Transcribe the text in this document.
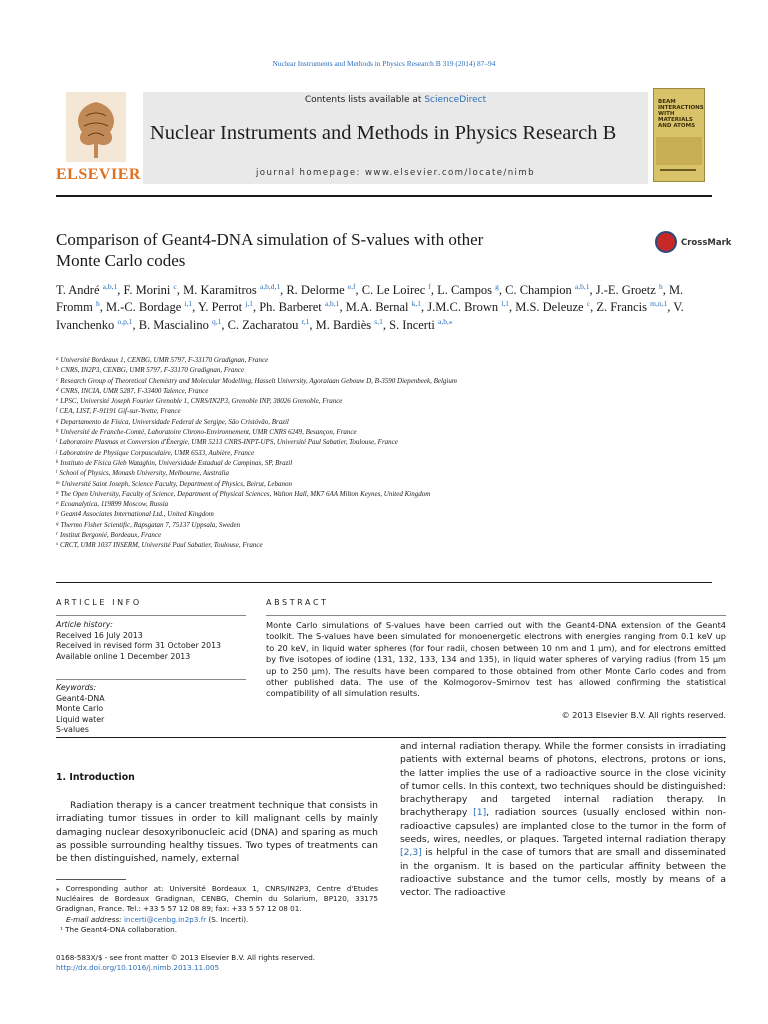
Nuclear Instruments and Methods in Physics Research B 319 (2014) 87–94
ELSEVIER
Contents lists available at ScienceDirect
Nuclear Instruments and Methods in Physics Research B
journal homepage: www.elsevier.com/locate/nimb
BEAM
INTERACTIONS
WITH
MATERIALS
AND ATOMS
Comparison of Geant4-DNA simulation of S-values with other
Monte Carlo codes
CrossMark
T. André $^{a,b,1}$, F. Morini $^c$, M. Karamitros $^{a,b,d,1}$, R. Delorme $^{e,f}$, C. Le Loirec $^f$, L. Campos $^g$, C. Champion $^{a,b,1}$, J.-E. Groetz $^h$, M. Fromm $^h$, M.-C. Bordage $^{i,1}$, Y. Perrot $^{j,1}$, Ph. Barberet $^{a,b,1}$, M.A. Bernal $^{k,1}$, J.M.C. Brown $^{l,1}$, M.S. Deleuze $^c$, Z. Francis $^{m,n,1}$, V. Ivanchenko $^{o,p,1}$, B. Mascialino $^{q,1}$, C. Zacharatou $^{r,1}$, M. Bardiès $^{s,1}$, S. Incerti $^{a,b,⁎}$
$^a$ Université Bordeaux 1, CENBG, UMR 5797, F-33170 Gradignan, France
$^b$ CNRS, IN2P3, CENBG, UMR 5797, F-33170 Gradignan, France
$^c$ Research Group of Theoretical Chemistry and Molecular Modelling, Hasselt University, Agoralaan Gebouw D, B-3590 Diepenbeek, Belgium
$^d$ CNRS, INCIA, UMR 5287, F-33400 Talence, France
$^e$ LPSC, Université Joseph Fourier Grenoble 1, CNRS/IN2P3, Grenoble INP, 38026 Grenoble, France
$^f$ CEA, LIST, F-91191 Gif-sur-Yvette, France
$^g$ Departamento de Física, Universidade Federal de Sergipe, São Cristóvão, Brazil
$^h$ Université de Franche-Comté, Laboratoire Chrono-Environnement, UMR CNRS 6249, Besançon, France
$^i$ Laboratoire Plasmas et Conversion d'Énergie, UMR 5213 CNRS-INPT-UPS, Université Paul Sabatier, Toulouse, France
$^j$ Laboratoire de Physique Corpusculaire, UMR 6533, Aubière, France
$^k$ Instituto de Física Gleb Wataghin, Universidade Estadual de Campinas, SP, Brazil
$^l$ School of Physics, Monash University, Melbourne, Australia
$^m$ Université Saint Joseph, Science Faculty, Department of Physics, Beirut, Lebanon
$^n$ The Open University, Faculty of Science, Department of Physical Sciences, Walton Hall, MK7 6AA Milton Keynes, United Kingdom
$^o$ Ecoanalytica, 119899 Moscow, Russia
$^p$ Geant4 Associates International Ltd., United Kingdom
$^q$ Thermo Fisher Scientific, Rapsgatan 7, 75137 Uppsala, Sweden
$^r$ Institut Bergonié, Bordeaux, France
$^s$ CRCT, UMR 1037 INSERM, Université Paul Sabatier, Toulouse, France
ARTICLE INFO	ABSTRACT
Article history:
Received 16 July 2013
Received in revised form 31 October 2013
Available online 1 December 2013
Keywords:
Geant4-DNA
Monte Carlo
Liquid water
S-values
Monte Carlo simulations of S-values have been carried out with the Geant4-DNA extension of the Geant4 toolkit. The S-values have been simulated for monoenergetic electrons with energies ranging from 0.1 keV up to 20 keV, in liquid water spheres (for four radii, chosen between 10 nm and 1 μm), and for electrons emitted by five isotopes of iodine (131, 132, 133, 134 and 135), in liquid water spheres of varying radius (from 15 μm up to 250 μm). The results have been compared to those obtained from other Monte Carlo codes and from other published data. The use of the Kolmogorov–Smirnov test has allowed confirming the statistical compatibility of all simulation results.
© 2013 Elsevier B.V. All rights reserved.
1. Introduction
Radiation therapy is a cancer treatment technique that consists in irradiating tumor tissues in order to kill malignant cells by mainly damaging nuclear desoxyribonucleic acid (DNA) and sparing as much as possible surrounding healthy tissues. Two types of treatments can be then distinguished, namely, external
and internal radiation therapy. While the former consists in irradiating patients with external beams of photons, electrons, protons or ions, the latter implies the use of a radioactive source in the close vicinity of tumor cells. In this context, two techniques should be distinguished: brachytherapy and targeted internal radiation therapy. In brachytherapy [1], radiation sources (usually enclosed within non-radioactive capsules) are implanted close to the tumor in the form of seeds, wires, needles, or plaques. Targeted internal radiation therapy [2,3] is helpful in the case of tumors that are small and disseminated in the organism. It is based on the particular affinity between the radioactive substance and the tumor cells, mostly by means of a vector. The radioactive
⁎ Corresponding author at: Université Bordeaux 1, CNRS/IN2P3, Centre d'Etudes Nucléaires de Bordeaux Gradignan, CENBG, Chemin du Solarium, BP120, 33175 Gradignan, France. Tel.: +33 5 57 12 08 89; fax: +33 5 57 12 08 01.
E-mail address: incerti@cenbg.in2p3.fr (S. Incerti).
¹ The Geant4-DNA collaboration.
0168-583X/$ - see front matter © 2013 Elsevier B.V. All rights reserved.
http://dx.doi.org/10.1016/j.nimb.2013.11.005
